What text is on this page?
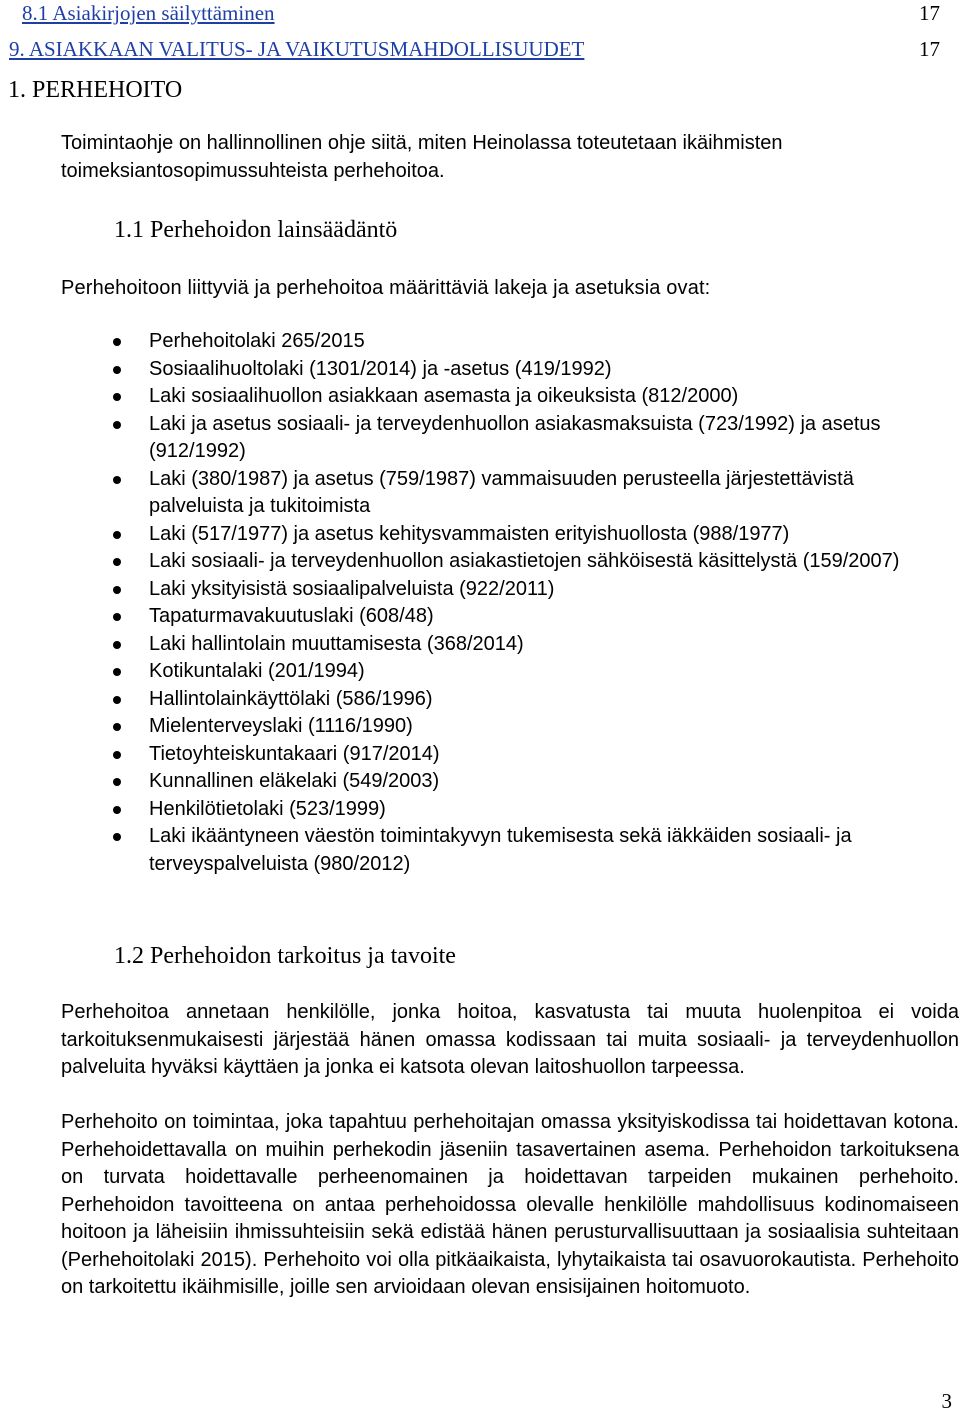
8.1 Asiakirjojen säilyttäminen	17
9. ASIAKKAAN VALITUS- JA VAIKUTUSMAHDOLLISUUDET	17
1. PERHEHOITO

Toimintaohje on hallinnollinen ohje siitä, miten Heinolassa toteutetaan ikäihmisten toimeksiantosopimussuhteista perhehoitoa.

1.1 Perhehoidon lainsäädäntö

Perhehoitoon liittyviä ja perhehoitoa määrittäviä lakeja ja asetuksia ovat:

Perhehoitolaki 265/2015
Sosiaalihuoltolaki (1301/2014) ja -asetus (419/1992)
Laki sosiaalihuollon asiakkaan asemasta ja oikeuksista (812/2000)
Laki ja asetus sosiaali- ja terveydenhuollon asiakasmaksuista (723/1992) ja asetus (912/1992)
Laki (380/1987) ja asetus (759/1987) vammaisuuden perusteella järjestettävistä palveluista ja tukitoimista
Laki (517/1977) ja asetus kehitysvammaisten erityishuollosta (988/1977)
Laki sosiaali- ja terveydenhuollon asiakastietojen sähköisestä käsittelystä (159/2007)
Laki yksityisistä sosiaalipalveluista (922/2011)
Tapaturmavakuutuslaki (608/48)
Laki hallintolain muuttamisesta (368/2014)
Kotikuntalaki (201/1994)
Hallintolainkäyttölaki (586/1996)
Mielenterveyslaki (1116/1990)
Tietoyhteiskuntakaari (917/2014)
Kunnallinen eläkelaki (549/2003)
Henkilötietolaki (523/1999)
Laki ikääntyneen väestön toimintakyvyn tukemisesta sekä iäkkäiden sosiaali- ja terveyspalveluista (980/2012)
1.2 Perhehoidon tarkoitus ja tavoite

Perhehoitoa annetaan henkilölle, jonka hoitoa, kasvatusta tai muuta huolenpitoa ei voida tarkoituksenmukaisesti järjestää hänen omassa kodissaan tai muita sosiaali- ja terveydenhuollon palveluita hyväksi käyttäen ja jonka ei katsota olevan laitoshuollon tarpeessa.

Perhehoito on toimintaa, joka tapahtuu perhehoitajan omassa yksityiskodissa tai hoidettavan kotona. Perhehoidettavalla on muihin perhekodin jäseniin tasavertainen asema. Perhehoidon tarkoituksena on turvata hoidettavalle perheenomainen ja hoidettavan tarpeiden mukainen perhehoito. Perhehoidon tavoitteena on antaa perhehoidossa olevalle henkilölle mahdollisuus kodinomaiseen hoitoon ja läheisiin ihmissuhteisiin sekä edistää hänen perusturvallisuuttaan ja sosiaalisia suhteitaan (Perhehoitolaki 2015). Perhehoito voi olla pitkäaikaista, lyhytaikaista tai osavuorokautista. Perhehoito on tarkoitettu ikäihmisille, joille sen arvioidaan olevan ensisijainen hoitomuoto.

3
